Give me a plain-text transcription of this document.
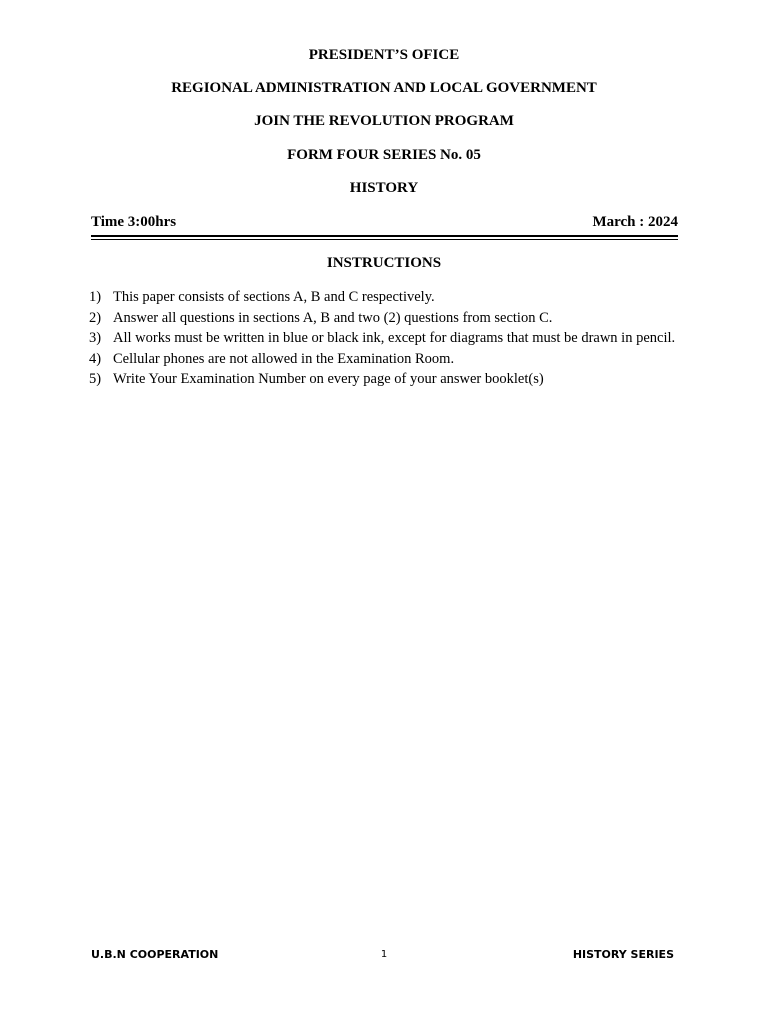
PRESIDENT’S OFICE
REGIONAL ADMINISTRATION AND LOCAL GOVERNMENT
JOIN THE REVOLUTION PROGRAM
FORM FOUR SERIES No. 05
HISTORY
Time 3:00hrs	March : 2024
INSTRUCTIONS
1) This paper consists of sections A, B and C respectively.
2) Answer all questions in sections A, B and two (2) questions from section C.
3) All works must be written in blue or black ink, except for diagrams that must be drawn in pencil.
4) Cellular phones are not allowed in the Examination Room.
5) Write Your Examination Number on every page of your answer booklet(s)
U.B.N COOPERATION	1	HISTORY SERIES
